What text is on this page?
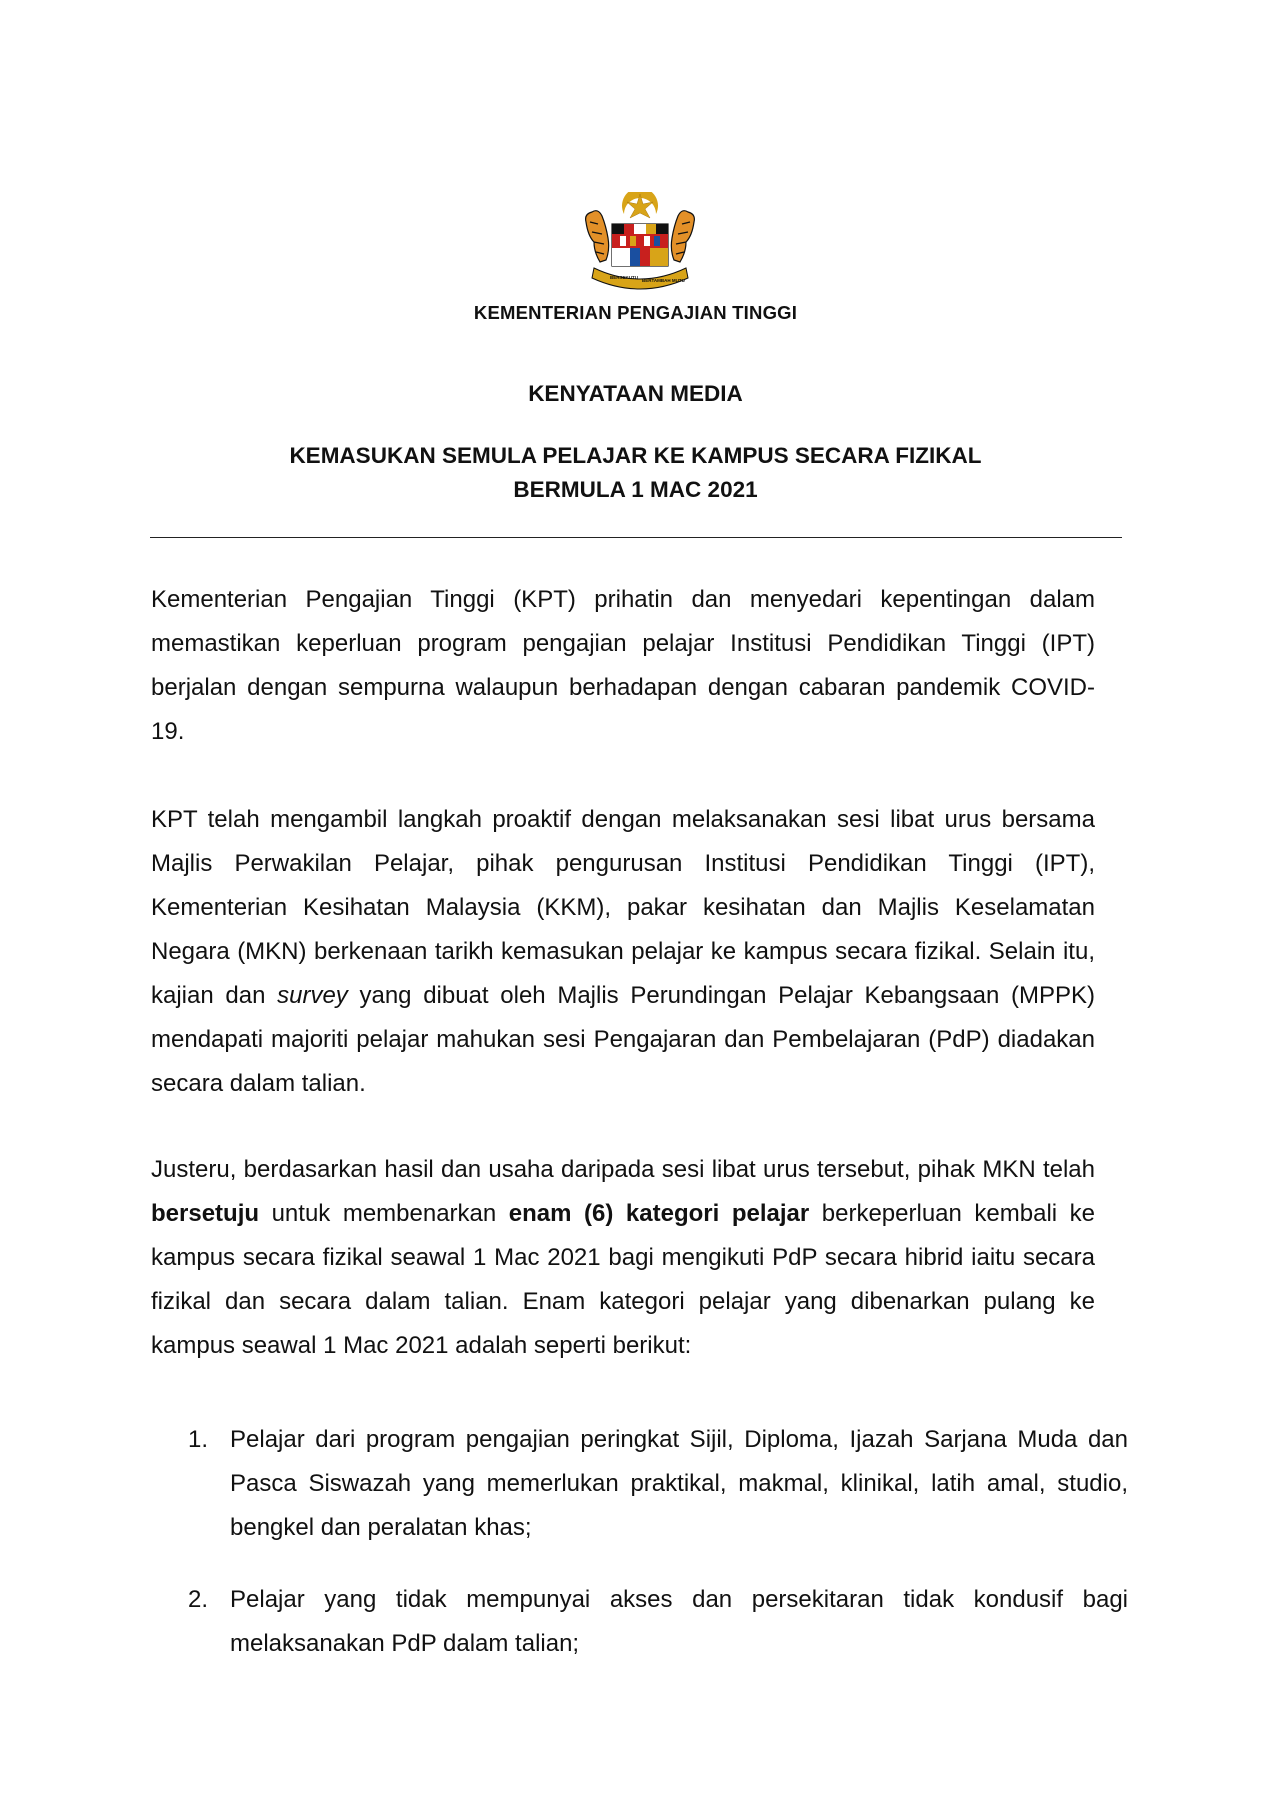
BERSEKUTU
BERTAMBAH MUTU
KEMENTERIAN PENGAJIAN TINGGI
KENYATAAN MEDIA
KEMASUKAN SEMULA PELAJAR KE KAMPUS SECARA FIZIKAL
BERMULA 1 MAC 2021

Kementerian Pengajian Tinggi (KPT) prihatin dan menyedari kepentingan dalam memastikan keperluan program pengajian pelajar Institusi Pendidikan Tinggi (IPT) berjalan dengan sempurna walaupun berhadapan dengan cabaran pandemik COVID-19.

KPT telah mengambil langkah proaktif dengan melaksanakan sesi libat urus bersama Majlis Perwakilan Pelajar, pihak pengurusan Institusi Pendidikan Tinggi (IPT), Kementerian Kesihatan Malaysia (KKM), pakar kesihatan dan Majlis Keselamatan Negara (MKN) berkenaan tarikh kemasukan pelajar ke kampus secara fizikal. Selain itu, kajian dan survey yang dibuat oleh Majlis Perundingan Pelajar Kebangsaan (MPPK) mendapati majoriti pelajar mahukan sesi Pengajaran dan Pembelajaran (PdP) diadakan secara dalam talian.

Justeru, berdasarkan hasil dan usaha daripada sesi libat urus tersebut, pihak MKN telah bersetuju untuk membenarkan enam (6) kategori pelajar berkeperluan kembali ke kampus secara fizikal seawal 1 Mac 2021 bagi mengikuti PdP secara hibrid iaitu secara fizikal dan secara dalam talian. Enam kategori pelajar yang dibenarkan pulang ke kampus seawal 1 Mac 2021 adalah seperti berikut:

1. Pelajar dari program pengajian peringkat Sijil, Diploma, Ijazah Sarjana Muda dan Pasca Siswazah yang memerlukan praktikal, makmal, klinikal, latih amal, studio, bengkel dan peralatan khas;
2. Pelajar yang tidak mempunyai akses dan persekitaran tidak kondusif bagi melaksanakan PdP dalam talian;
